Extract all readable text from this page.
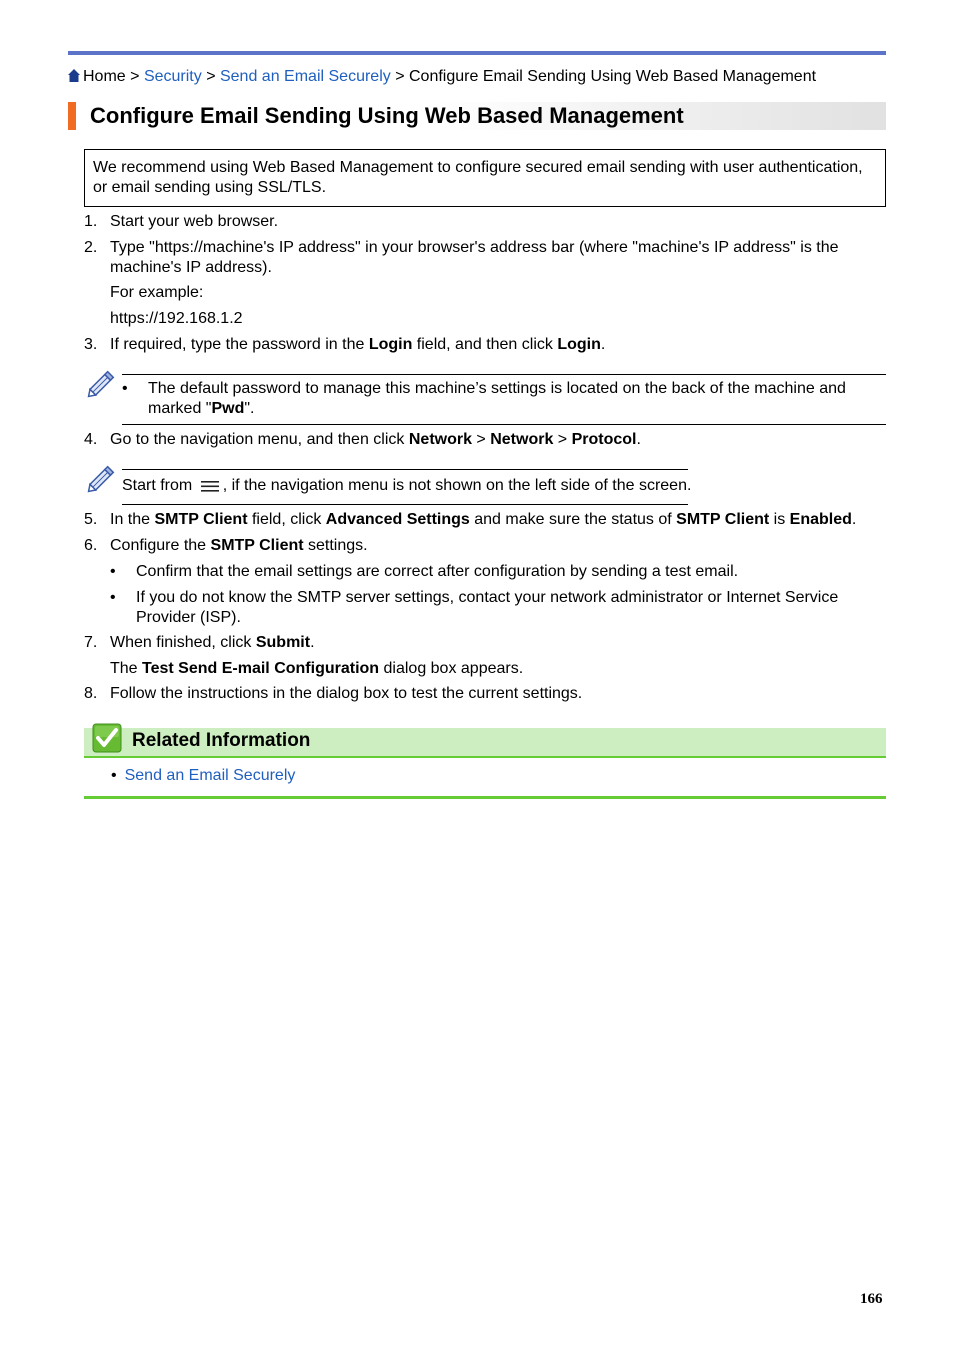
Home > Security > Send an Email Securely > Configure Email Sending Using Web Based Management
Configure Email Sending Using Web Based Management
We recommend using Web Based Management to configure secured email sending with user authentication, or email sending using SSL/TLS.
1. Start your web browser.
2. Type "https://machine's IP address" in your browser's address bar (where "machine's IP address" is the machine's IP address).
For example:
https://192.168.1.2
3. If required, type the password in the Login field, and then click Login.
• The default password to manage this machine’s settings is located on the back of the machine and marked "Pwd".
4. Go to the navigation menu, and then click Network > Network > Protocol.
Start from , if the navigation menu is not shown on the left side of the screen.
5. In the SMTP Client field, click Advanced Settings and make sure the status of SMTP Client is Enabled.
6. Configure the SMTP Client settings.
• Confirm that the email settings are correct after configuration by sending a test email.
• If you do not know the SMTP server settings, contact your network administrator or Internet Service Provider (ISP).
7. When finished, click Submit.
The Test Send E-mail Configuration dialog box appears.
8. Follow the instructions in the dialog box to test the current settings.
Related Information
• Send an Email Securely
166
